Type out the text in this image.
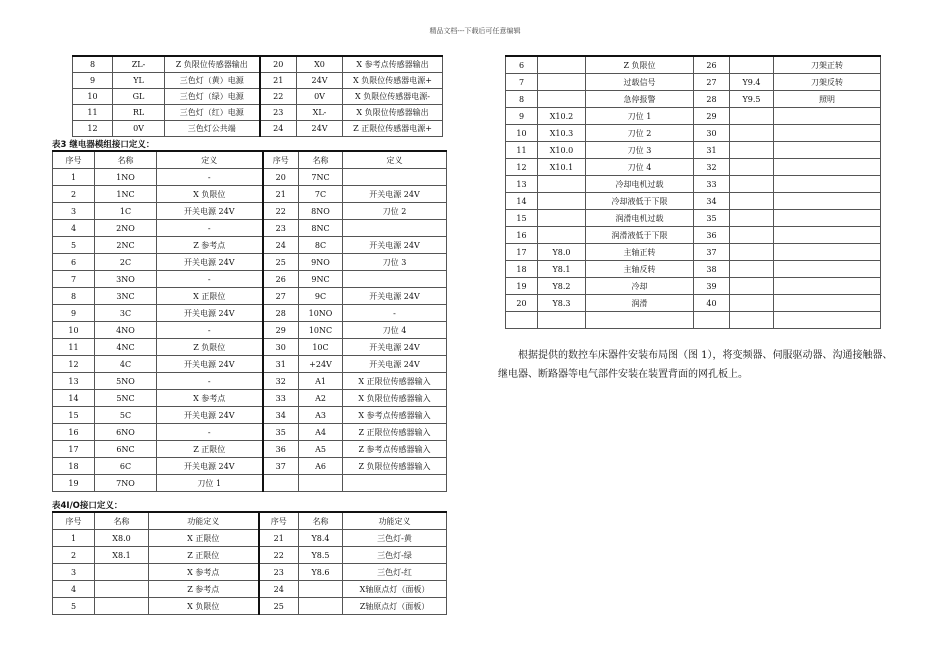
精品文档---下载后可任意编辑
8	ZL-	Z 负限位传感器输出	20	X0	X 参考点传感器输出
9	YL	三色灯（黄）电源	21	24V	X 负限位传感器电源+
10	GL	三色灯（绿）电源	22	0V	X 负限位传感器电源-
11	RL	三色灯（红）电源	23	XL-	X 负限位传感器输出
12	0V	三色灯公共端	24	24V	Z 正限位传感器电源+
表3 继电器模组接口定义：
序号	名称	定义	序号	名称	定义
1	1NO	-	20	7NC	
2	1NC	X 负限位	21	7C	开关电源 24V
3	1C	开关电源 24V	22	8NO	刀位 2
4	2NO	-	23	8NC	
5	2NC	Z 参考点	24	8C	开关电源 24V
6	2C	开关电源 24V	25	9NO	刀位 3
7	3NO	-	26	9NC	
8	3NC	X 正限位	27	9C	开关电源 24V
9	3C	开关电源 24V	28	10NO	-
10	4NO	-	29	10NC	刀位 4
11	4NC	Z 负限位	30	10C	开关电源 24V
12	4C	开关电源 24V	31	+24V	开关电源 24V
13	5NO	-	32	A1	X 正限位传感器输入
14	5NC	X 参考点	33	A2	X 负限位传感器输入
15	5C	开关电源 24V	34	A3	X 参考点传感器输入
16	6NO	-	35	A4	Z 正限位传感器输入
17	6NC	Z 正限位	36	A5	Z 参考点传感器输入
18	6C	开关电源 24V	37	A6	Z 负限位传感器输入
19	7NO	刀位 1			
表4I/O接口定义：
序号	名称	功能定义	序号	名称	功能定义
1	X8.0	X 正限位	21	Y8.4	三色灯-黄
2	X8.1	Z 正限位	22	Y8.5	三色灯-绿
3		X 参考点	23	Y8.6	三色灯-红
4		Z 参考点	24		X轴原点灯（面板）
5		X 负限位	25		Z轴原点灯（面板）
6		Z 负限位	26		刀架正转
7		过载信号	27	Y9.4	刀架反转
8		急停报警	28	Y9.5	照明
9	X10.2	刀位 1	29		
10	X10.3	刀位 2	30		
11	X10.0	刀位 3	31		
12	X10.1	刀位 4	32		
13		冷却电机过载	33		
14		冷却液低于下限	34		
15		润滑电机过载	35		
16		润滑液低于下限	36		
17	Y8.0	主轴正转	37		
18	Y8.1	主轴反转	38		
19	Y8.2	冷却	39		
20	Y8.3	润滑	40		

根据提供的数控车床器件安装布局图（图 1），将变频器、伺服驱动器、沟通接触器、继电器、断路器等电气部件安装在装置背面的网孔板上。
